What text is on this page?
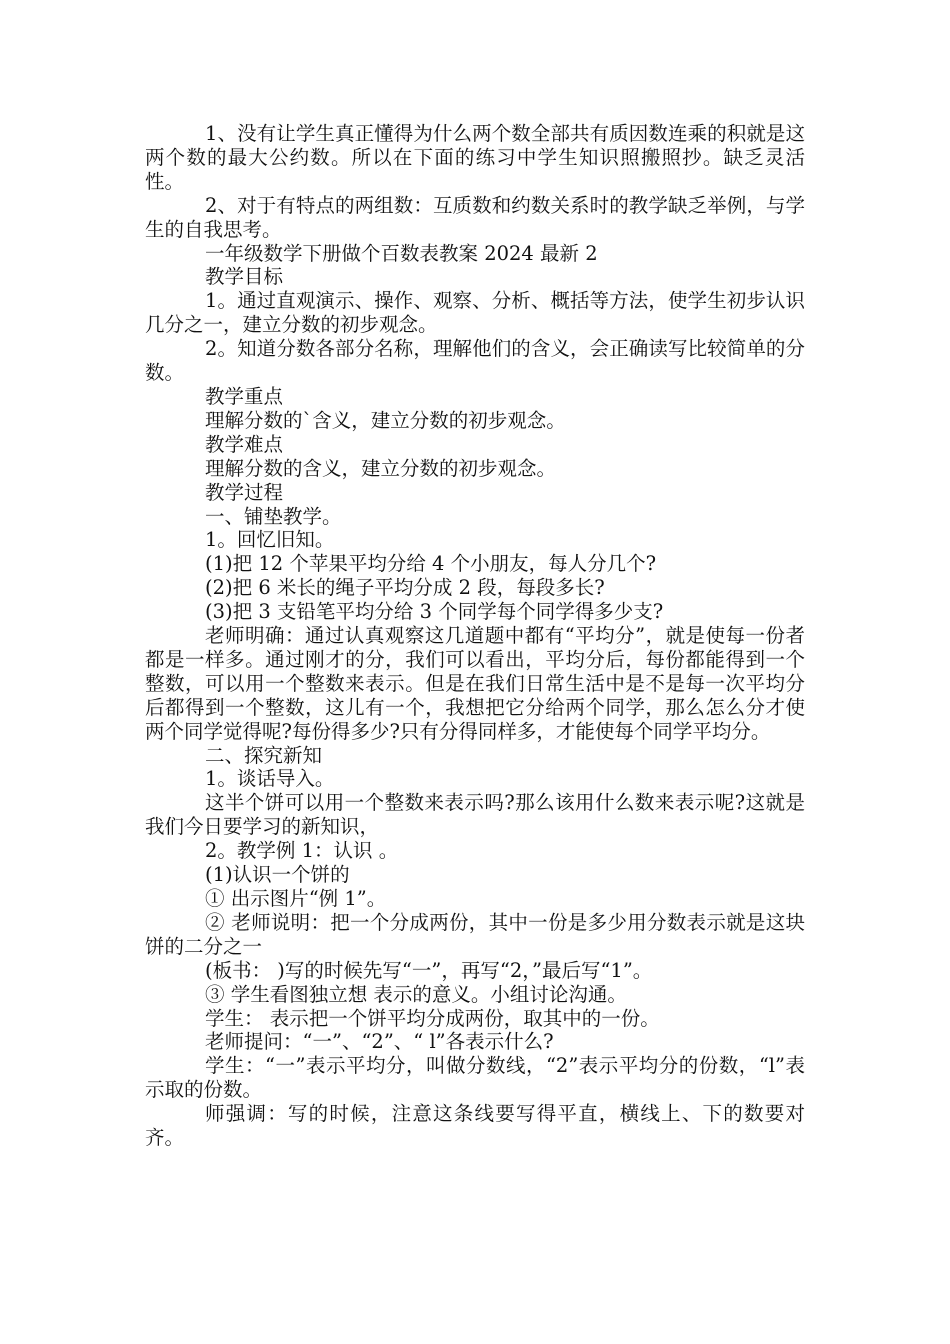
1、没有让学生真正懂得为什么两个数全部共有质因数连乘的积就是这两个数的最大公约数。所以在下面的练习中学生知识照搬照抄。缺乏灵活性。

2、对于有特点的两组数：互质数和约数关系时的教学缺乏举例，与学生的自我思考。

一年级数学下册做个百数表教案 2024 最新 2

教学目标

1。通过直观演示、操作、观察、分析、概括等方法，使学生初步认识几分之一，建立分数的初步观念。

2。知道分数各部分名称，理解他们的含义，会正确读写比较简单的分数。

教学重点

理解分数的`含义，建立分数的初步观念。

教学难点

理解分数的含义，建立分数的初步观念。

教学过程

一、铺垫教学。

1。回忆旧知。

(1)把 12 个苹果平均分给 4 个小朋友，每人分几个?

(2)把 6 米长的绳子平均分成 2 段，每段多长?

(3)把 3 支铅笔平均分给 3 个同学每个同学得多少支?

老师明确：通过认真观察这几道题中都有“平均分”，就是使每一份者都是一样多。通过刚才的分，我们可以看出，平均分后，每份都能得到一个整数，可以用一个整数来表示。但是在我们日常生活中是不是每一次平均分后都得到一个整数，这儿有一个，我想把它分给两个同学，那么怎么分才使两个同学觉得呢?每份得多少?只有分得同样多，才能使每个同学平均分。

二、探究新知

1。谈话导入。

这半个饼可以用一个整数来表示吗?那么该用什么数来表示呢?这就是我们今日要学习的新知识，

2。教学例 1：认识 。

(1)认识一个饼的

① 出示图片“例 1”。

② 老师说明：把一个分成两份，其中一份是多少用分数表示就是这块饼的二分之一

(板书： )写的时候先写“一”，再写“2，”最后写“1”。

③ 学生看图独立想 表示的意义。小组讨论沟通。

学生： 表示把一个饼平均分成两份，取其中的一份。

老师提问：“一”、“2”、“ l”各表示什么?

学生：“一”表示平均分，叫做分数线，“2”表示平均分的份数，“l”表示取的份数。

师强调：写的时候，注意这条线要写得平直，横线上、下的数要对齐。
